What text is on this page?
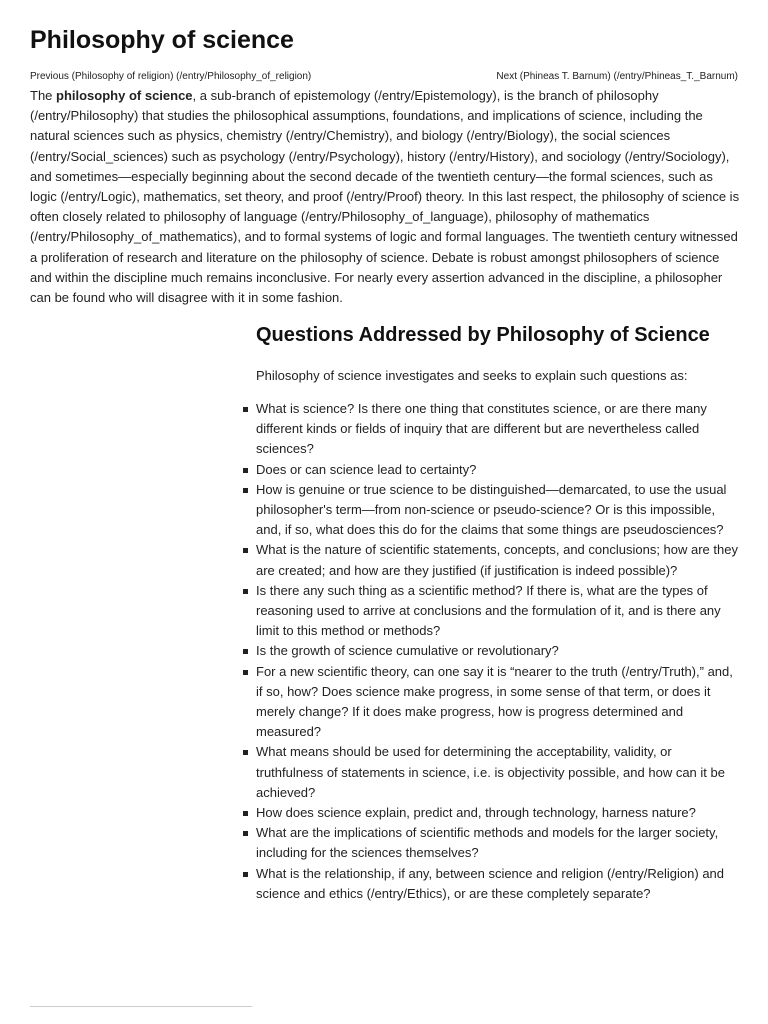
Philosophy of science
Previous (Philosophy of religion) (/entry/Philosophy_of_religion)	Next (Phineas T. Barnum) (/entry/Phineas_T._Barnum)

The philosophy of science, a sub-branch of epistemology (/entry/Epistemology), is the branch of philosophy (/entry/Philosophy) that studies the philosophical assumptions, foundations, and implications of science, including the natural sciences such as physics, chemistry (/entry/Chemistry), and biology (/entry/Biology), the social sciences (/entry/Social_sciences) such as psychology (/entry/Psychology), history (/entry/History), and sociology (/entry/Sociology), and sometimes—especially beginning about the second decade of the twentieth century—the formal sciences, such as logic (/entry/Logic), mathematics, set theory, and proof (/entry/Proof) theory. In this last respect, the philosophy of science is often closely related to philosophy of language (/entry/Philosophy_of_language), philosophy of mathematics (/entry/Philosophy_of_mathematics), and to formal systems of logic and formal languages. The twentieth century witnessed a proliferation of research and literature on the philosophy of science. Debate is robust amongst philosophers of science and within the discipline much remains inconclusive. For nearly every assertion advanced in the discipline, a philosopher can be found who will disagree with it in some fashion.

Questions Addressed by Philosophy of Science

Philosophy of science investigates and seeks to explain such questions as:

What is science? Is there one thing that constitutes science, or are there many different kinds or fields of inquiry that are different but are nevertheless called sciences?
Does or can science lead to certainty?
How is genuine or true science to be distinguished—demarcated, to use the usual philosopher's term—from non-science or pseudo-science? Or is this impossible, and, if so, what does this do for the claims that some things are pseudosciences?
What is the nature of scientific statements, concepts, and conclusions; how are they are created; and how are they justified (if justification is indeed possible)?
Is there any such thing as a scientific method? If there is, what are the types of reasoning used to arrive at conclusions and the formulation of it, and is there any limit to this method or methods?
Is the growth of science cumulative or revolutionary?
For a new scientific theory, can one say it is “nearer to the truth (/entry/Truth),” and, if so, how? Does science make progress, in some sense of that term, or does it merely change? If it does make progress, how is progress determined and measured?
What means should be used for determining the acceptability, validity, or truthfulness of statements in science, i.e. is objectivity possible, and how can it be achieved?
How does science explain, predict and, through technology, harness nature?
What are the implications of scientific methods and models for the larger society, including for the sciences themselves?
What is the relationship, if any, between science and religion (/entry/Religion) and science and ethics (/entry/Ethics), or are these completely separate?
